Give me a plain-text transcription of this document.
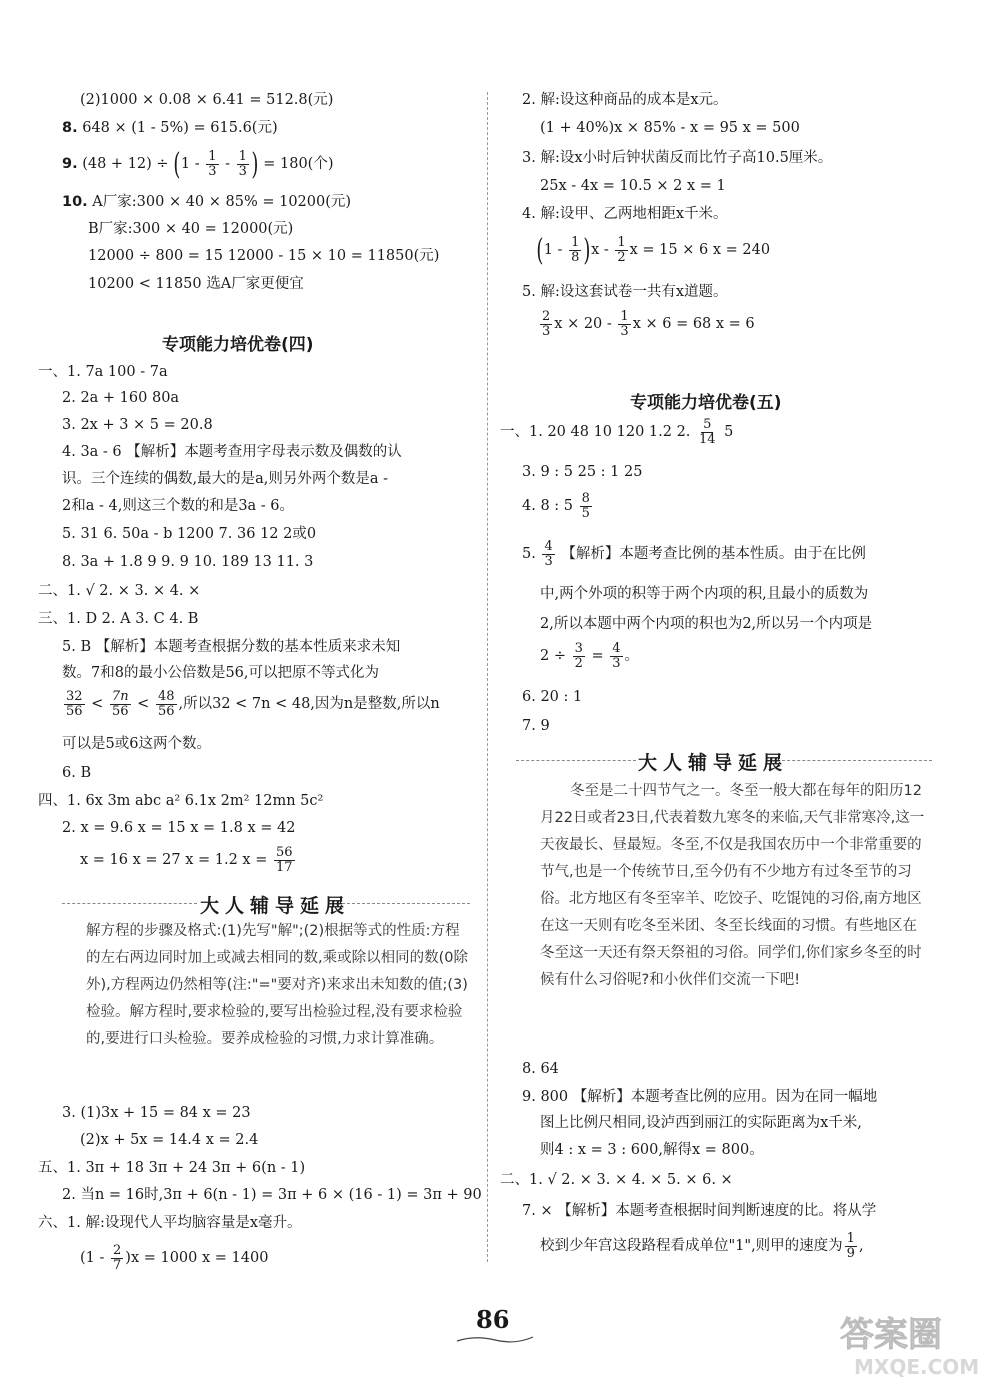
(2)1000 × 0.08 × 6.41 = 512.8(元)
8. 648 × (1 - 5%) = 615.6(元)
9. $(48 + 12) \div (1 - \frac{1}{3} - \frac{1}{3}$ ) = 180(个)
10. A厂家:300 × 40 × 85% = 10200(元)
B厂家:300 × 40 = 12000(元)
12000 ÷ 800 = 15 12000 - 15 × 10 = 11850(元)
10200 < 11850 选A厂家更便宜
专项能力培优卷(四)
一、1. 7a 100 - 7a
2. 2a + 160 80a
3. 2x + 3 × 5 = 20.8
4. 3a - 6 【解析】本题考查用字母表示数及偶数的认
识。三个连续的偶数,最大的是a,则另外两个数是a -
2和a - 4,则这三个数的和是3a - 6。
5. 31 6. 50a - b 1200 7. 36 12 2或0
8. 3a + 1.8 9 9. 9 10. 189 13 11. 3
二、1. √ 2. × 3. × 4. ×
三、1. D 2. A 3. C 4. B
5. B 【解析】本题考查根据分数的基本性质来求未知
数。7和8的最小公倍数是56,可以把原不等式化为
$\frac{32}{56} < \frac{7n}{56} < \frac{48}{56}$ ,所以32 < 7n < 48,因为n是整数,所以n
可以是5或6这两个数。
6. B
四、1. 6x 3m abc a² 6.1x 2m² 12mn 5c²
2. x = 9.6 x = 15 x = 1.8 x = 42
x = 16 x = 27 x = 1.2 $x = \frac{56}{17}$
大人辅导延展
解方程的步骤及格式:(1)先写"解";(2)根据等式的性质:方程的左右两边同时加上或减去相同的数,乘或除以相同的数(0除外),方程两边仍然相等(注:"="要对齐)来求出未知数的值;(3)检验。解方程时,要求检验的,要写出检验过程,没有要求检验的,要进行口头检验。要养成检验的习惯,力求计算准确。
3. (1)3x + 15 = 84 x = 23
(2)x + 5x = 14.4 x = 2.4
五、1. 3π + 18 3π + 24 3π + 6(n - 1)
2. 当n = 16时,3π + 6(n - 1) = 3π + 6 × (16 - 1) = 3π + 90
六、1. 解:设现代人平均脑容量是x毫升。
$(1 - \frac{2}{7} )x = 1000$ x = 1400
2. 解:设这种商品的成本是x元。
(1 + 40%)x × 85% - x = 95 x = 500
3. 解:设x小时后钟状菌反而比竹子高10.5厘米。
25x - 4x = 10.5 × 2 x = 1
4. 解:设甲、乙两地相距x千米。
$(1 - \frac{1}{8} )x - \frac{1}{2}$ x = 15 × 6 x = 240
5. 解:设这套试卷一共有x道题。
$\frac{2}{3}$ $x \times 20 - \frac{1}{3}$ x × 6 = 68 x = 6
专项能力培优卷(五)
一、1. 20 48 10 120 1.2 2. $\frac{5}{14} 5$
3. 9 : 5 25 : 1 25
4. 8 : $5 \frac{8}{5}$
5. $\frac{4}{3}$ 【解析】本题考查比例的基本性质。由于在比例
中,两个外项的积等于两个内项的积,且最小的质数为
2,所以本题中两个内项的积也为2,所以另一个内项是
$2 \div \frac{3}{2} = \frac{4}{3}$ 。
6. 20 : 1
7. 9
大人辅导延展
冬至是二十四节气之一。冬至一般大都在每年的阳历12月22日或者23日,代表着数九寒冬的来临,天气非常寒冷,这一天夜最长、昼最短。冬至,不仅是我国农历中一个非常重要的节气,也是一个传统节日,至今仍有不少地方有过冬至节的习俗。北方地区有冬至宰羊、吃饺子、吃馄饨的习俗,南方地区在这一天则有吃冬至米团、冬至长线面的习惯。有些地区在冬至这一天还有祭天祭祖的习俗。同学们,你们家乡冬至的时候有什么习俗呢?和小伙伴们交流一下吧!
8. 64
9. 800 【解析】本题考查比例的应用。因为在同一幅地
图上比例尺相同,设泸西到丽江的实际距离为x千米,
则4 : x = 3 : 600,解得x = 800。
二、1. √ 2. × 3. × 4. × 5. × 6. ×
7. × 【解析】本题考查根据时间判断速度的比。将从学
校到少年宫这段路程看成单位"1",则甲的速度为 $\frac{1}{9}$ ,
86	答案圈
MXQE.COM
